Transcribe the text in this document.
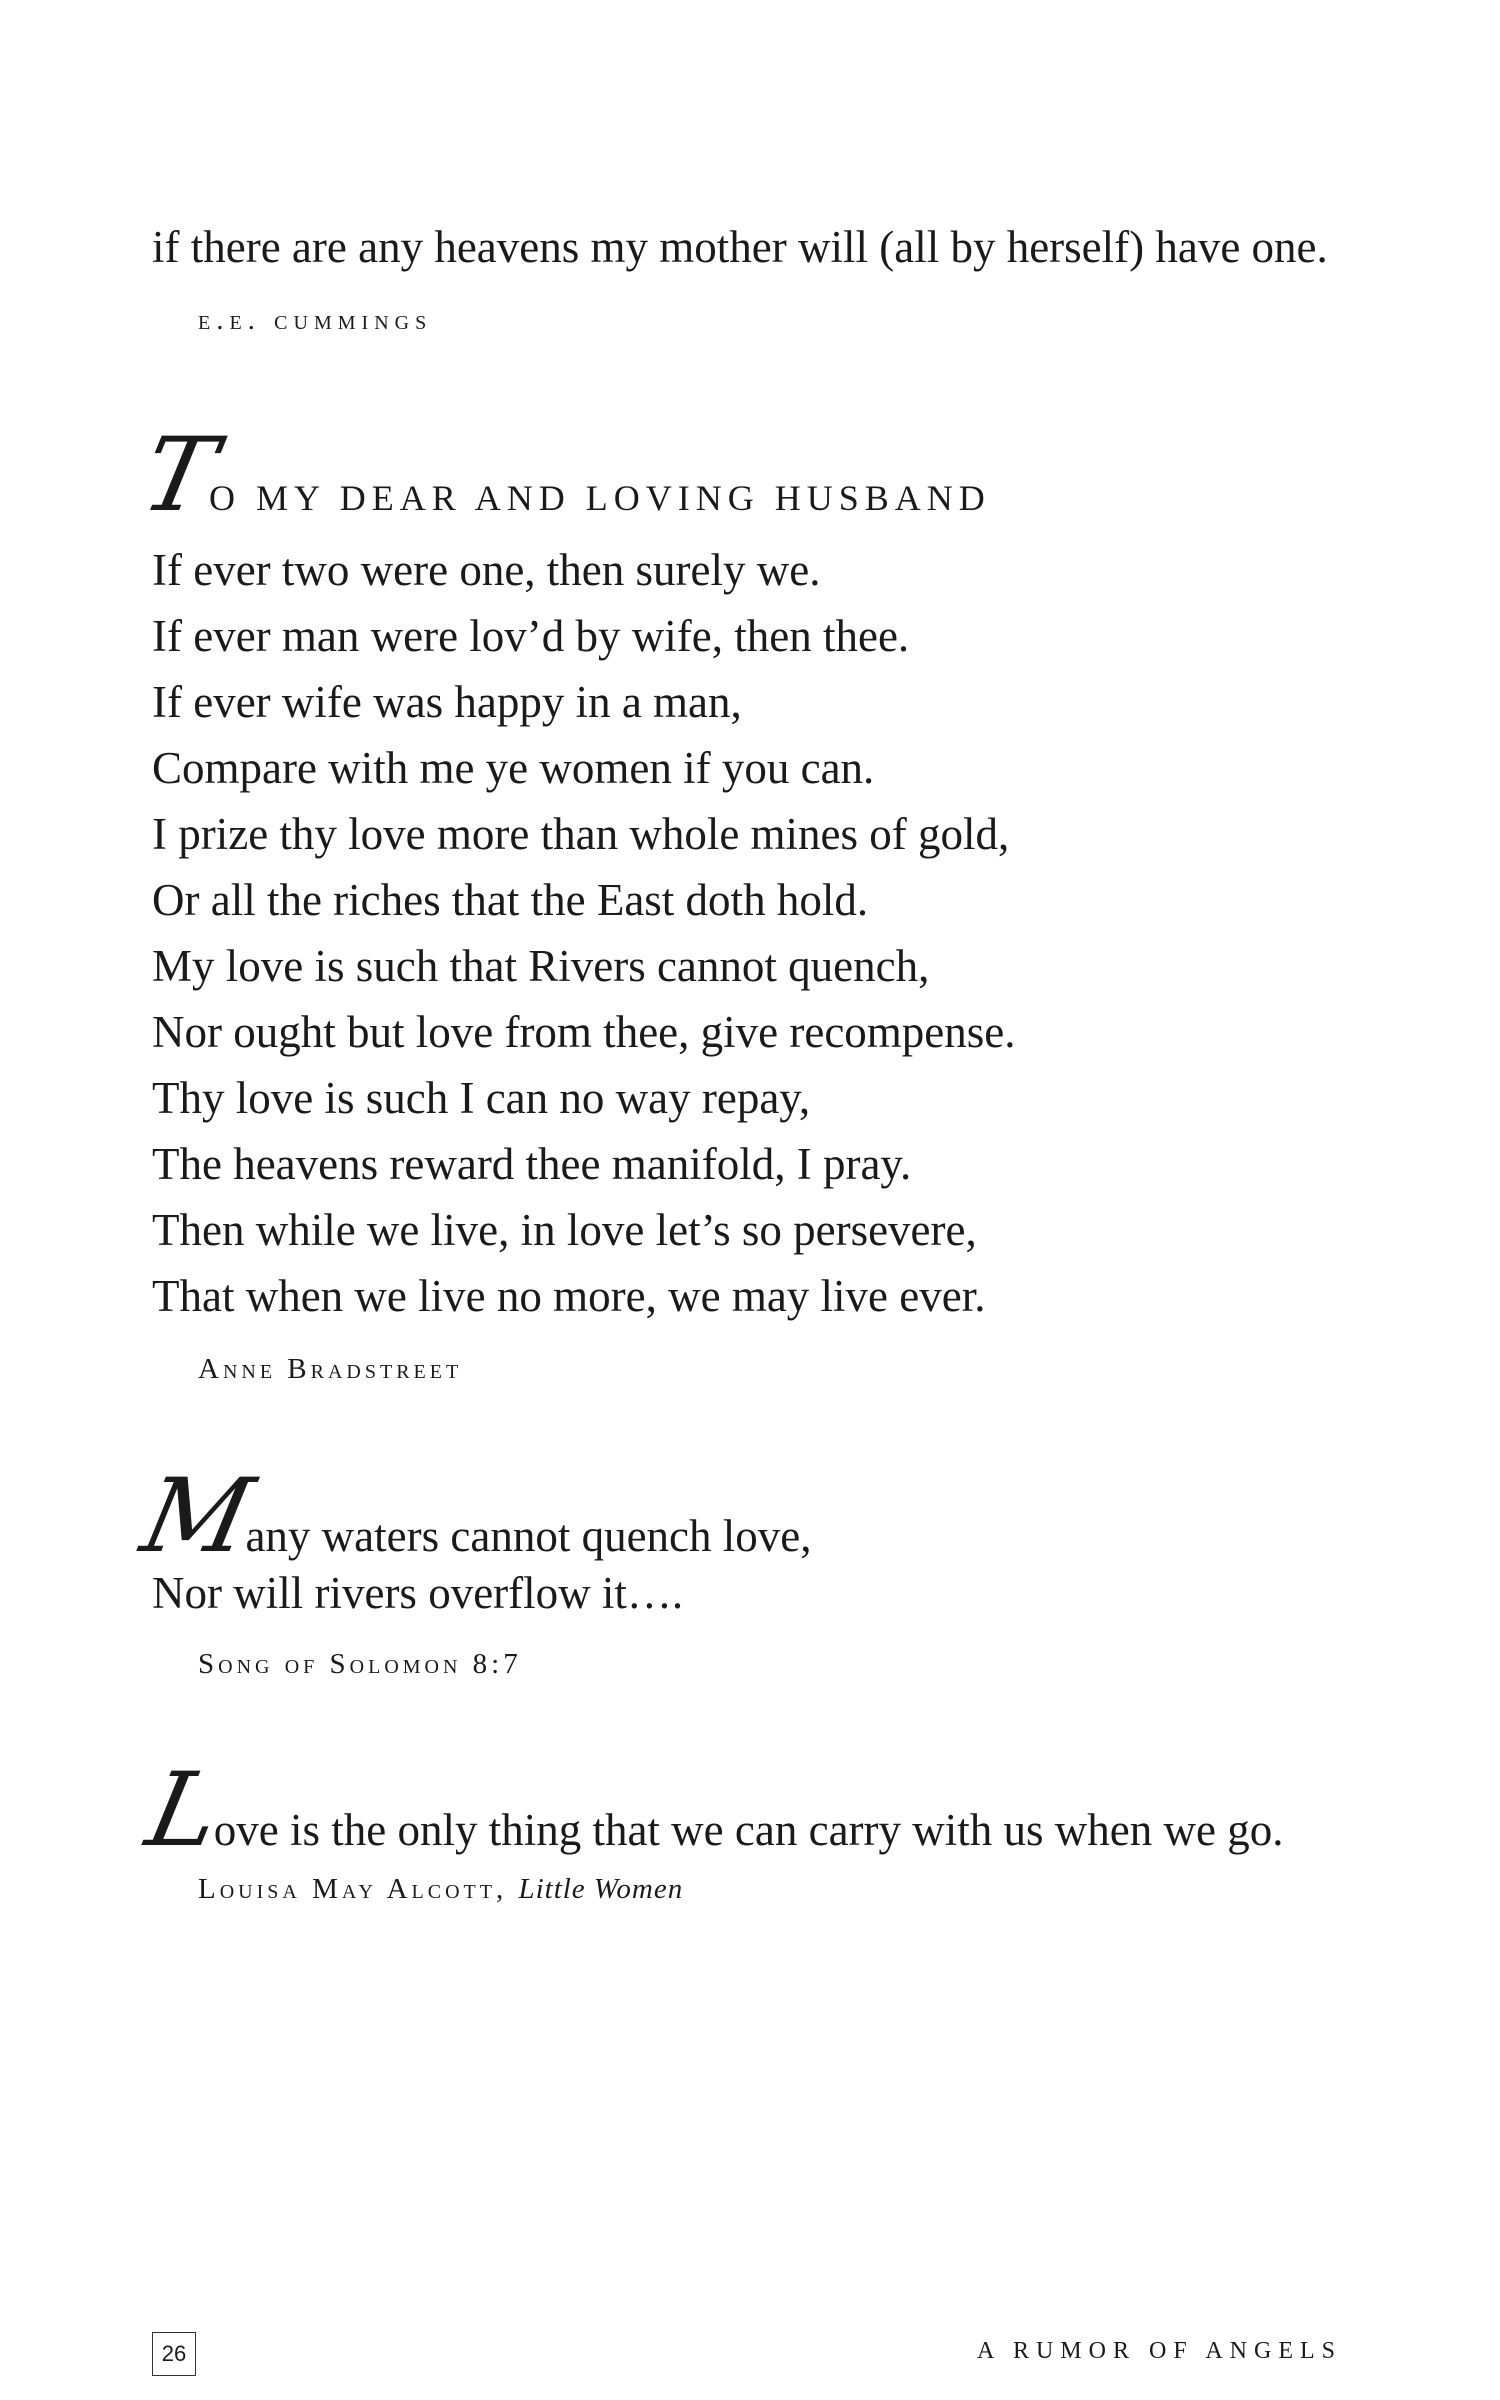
if there are any heavens my mother will (all by herself) have one.
e.e. cummings
TO MY DEAR AND LOVING HUSBAND
If ever two were one, then surely we.
If ever man were lov’d by wife, then thee.
If ever wife was happy in a man,
Compare with me ye women if you can.
I prize thy love more than whole mines of gold,
Or all the riches that the East doth hold.
My love is such that Rivers cannot quench,
Nor ought but love from thee, give recompense.
Thy love is such I can no way repay,
The heavens reward thee manifold, I pray.
Then while we live, in love let’s so persevere,
That when we live no more, we may live ever.
Anne Bradstreet
Many waters cannot quench love,
Nor will rivers overflow it….
Song of Solomon 8:7
Love is the only thing that we can carry with us when we go.
Louisa May Alcott, Little Women
26	A RUMOR OF ANGELS
